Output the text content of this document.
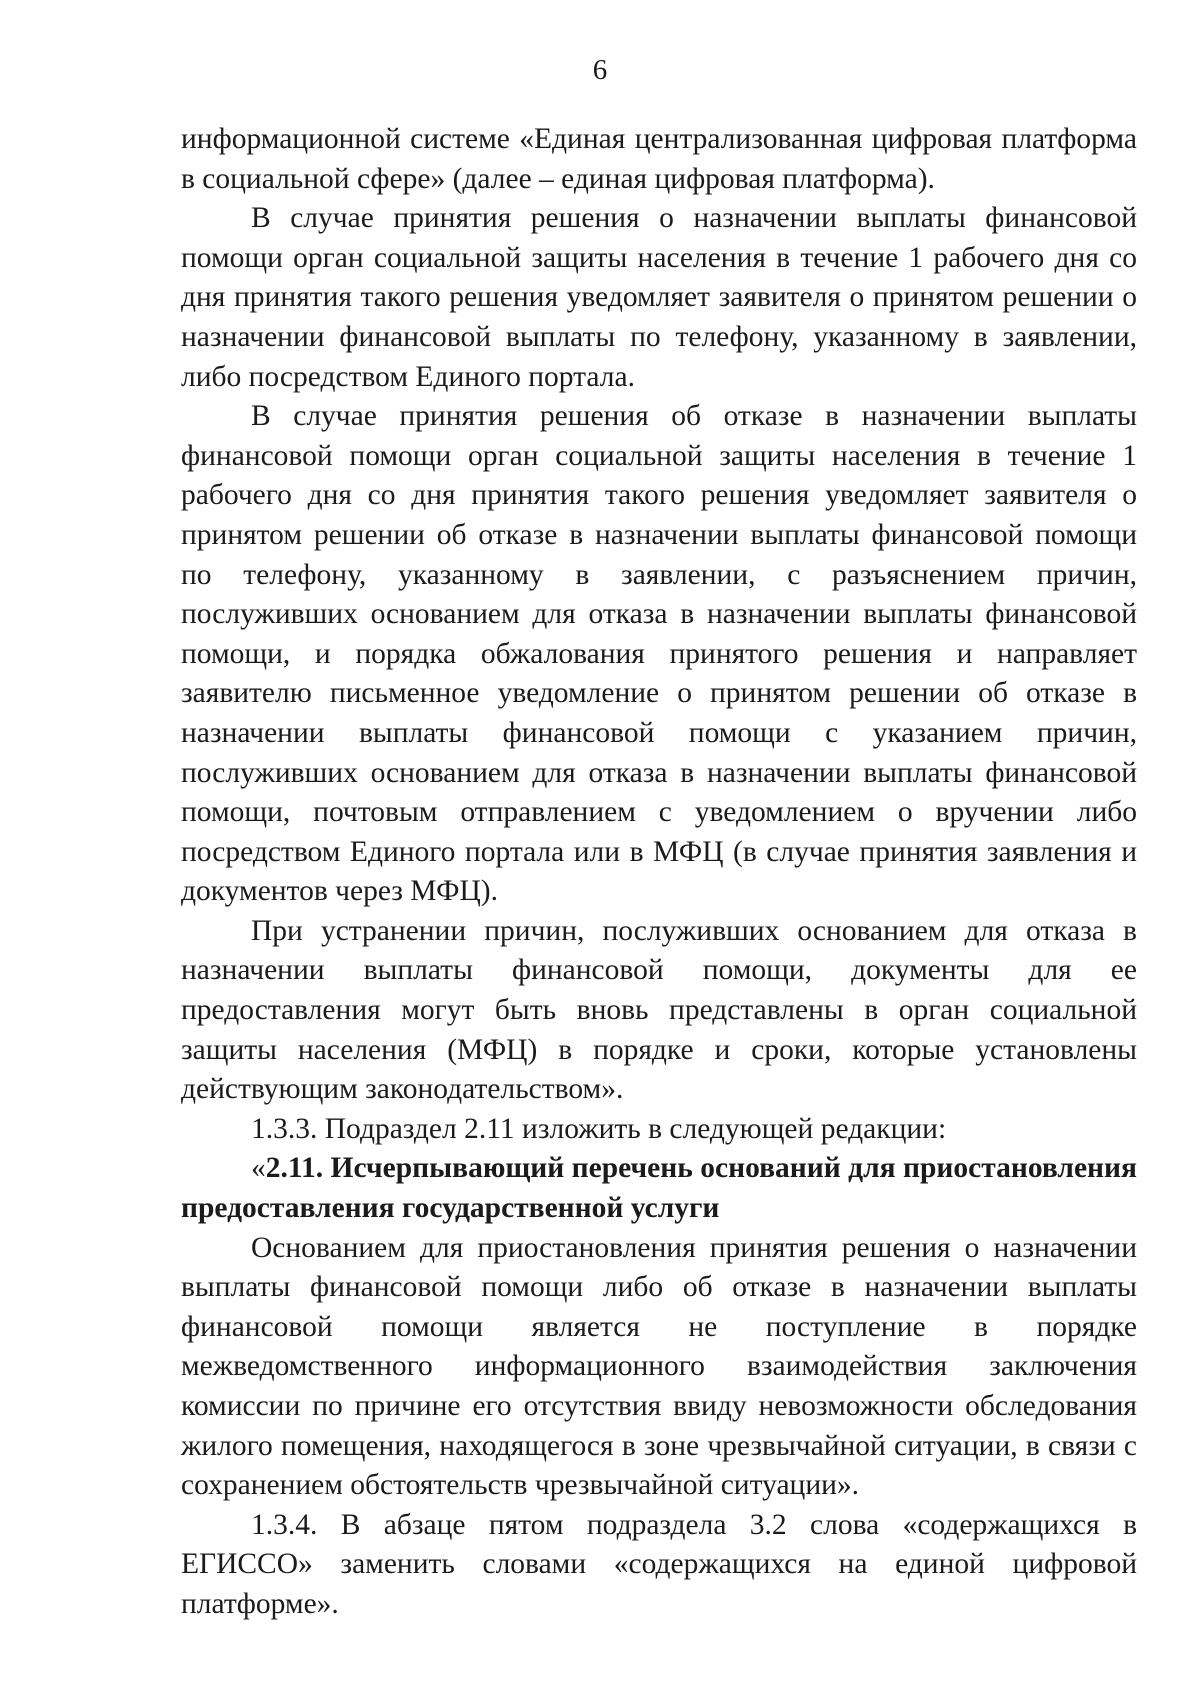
6

информационной системе «Единая централизованная цифровая платформа в социальной сфере» (далее – единая цифровая платформа).

В случае принятия решения о назначении выплаты финансовой помощи орган социальной защиты населения в течение 1 рабочего дня со дня принятия такого решения уведомляет заявителя о принятом решении о назначении финансовой выплаты по телефону, указанному в заявлении, либо посредством Единого портала.

В случае принятия решения об отказе в назначении выплаты финансовой помощи орган социальной защиты населения в течение 1 рабочего дня со дня принятия такого решения уведомляет заявителя о принятом решении об отказе в назначении выплаты финансовой помощи по телефону, указанному в заявлении, с разъяснением причин, послуживших основанием для отказа в назначении выплаты финансовой помощи, и порядка обжалования принятого решения и направляет заявителю письменное уведомление о принятом решении об отказе в назначении выплаты финансовой помощи с указанием причин, послуживших основанием для отказа в назначении выплаты финансовой помощи, почтовым отправлением с уведомлением о вручении либо посредством Единого портала или в МФЦ (в случае принятия заявления и документов через МФЦ).

При устранении причин, послуживших основанием для отказа в назначении выплаты финансовой помощи, документы для ее предоставления могут быть вновь представлены в орган социальной защиты населения (МФЦ) в порядке и сроки, которые установлены действующим законодательством».

1.3.3. Подраздел 2.11 изложить в следующей редакции:

«2.11. Исчерпывающий перечень оснований для приостановления предоставления государственной услуги

Основанием для приостановления принятия решения о назначении выплаты финансовой помощи либо об отказе в назначении выплаты финансовой помощи является не поступление в порядке межведомственного информационного взаимодействия заключения комиссии по причине его отсутствия ввиду невозможности обследования жилого помещения, находящегося в зоне чрезвычайной ситуации, в связи с сохранением обстоятельств чрезвычайной ситуации».

1.3.4. В абзаце пятом подраздела 3.2 слова «содержащихся в ЕГИССО» заменить словами «содержащихся на единой цифровой платформе».
